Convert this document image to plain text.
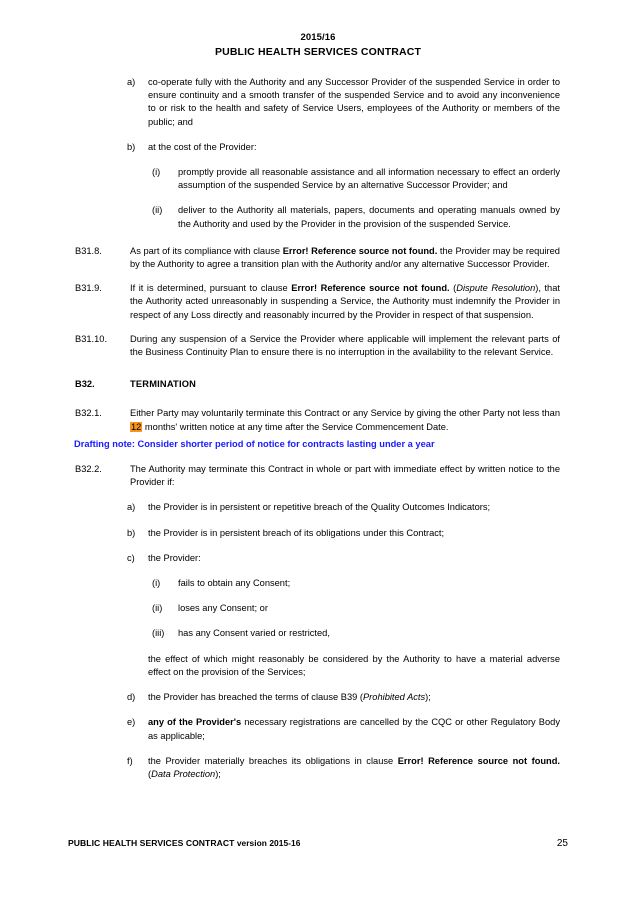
2015/16
PUBLIC HEALTH SERVICES CONTRACT
a)	co-operate fully with the Authority and any Successor Provider of the suspended Service in order to ensure continuity and a smooth transfer of the suspended Service and to avoid any inconvenience to or risk to the health and safety of Service Users, employees of the Authority or members of the public; and
b)	at the cost of the Provider:
(i)	promptly provide all reasonable assistance and all information necessary to effect an orderly assumption of the suspended Service by an alternative Successor Provider; and
(ii)	deliver to the Authority all materials, papers, documents and operating manuals owned by the Authority and used by the Provider in the provision of the suspended Service.
B31.8.	As part of its compliance with clause Error! Reference source not found. the Provider may be required by the Authority to agree a transition plan with the Authority and/or any alternative Successor Provider.
B31.9.	If it is determined, pursuant to clause Error! Reference source not found. (Dispute Resolution), that the Authority acted unreasonably in suspending a Service, the Authority must indemnify the Provider in respect of any Loss directly and reasonably incurred by the Provider in respect of that suspension.
B31.10.	During any suspension of a Service the Provider where applicable will implement the relevant parts of the Business Continuity Plan to ensure there is no interruption in the availability to the relevant Service.
B32.	TERMINATION
B32.1.	Either Party may voluntarily terminate this Contract or any Service by giving the other Party not less than 12 months' written notice at any time after the Service Commencement Date.
Drafting note: Consider shorter period of notice for contracts lasting under a year
B32.2.	The Authority may terminate this Contract in whole or part with immediate effect by written notice to the Provider if:
a)	the Provider is in persistent or repetitive breach of the Quality Outcomes Indicators;
b)	the Provider is in persistent breach of its obligations under this Contract;
c)	the Provider:
(i)	fails to obtain any Consent;
(ii)	loses any Consent; or
(iii)	has any Consent varied or restricted,
the effect of which might reasonably be considered by the Authority to have a material adverse effect on the provision of the Services;
d)	the Provider has breached the terms of clause B39 (Prohibited Acts);
e)	any of the Provider's necessary registrations are cancelled by the CQC or other Regulatory Body as applicable;
f)	the Provider materially breaches its obligations in clause Error! Reference source not found. (Data Protection);
PUBLIC HEALTH SERVICES CONTRACT version 2015-16	25
